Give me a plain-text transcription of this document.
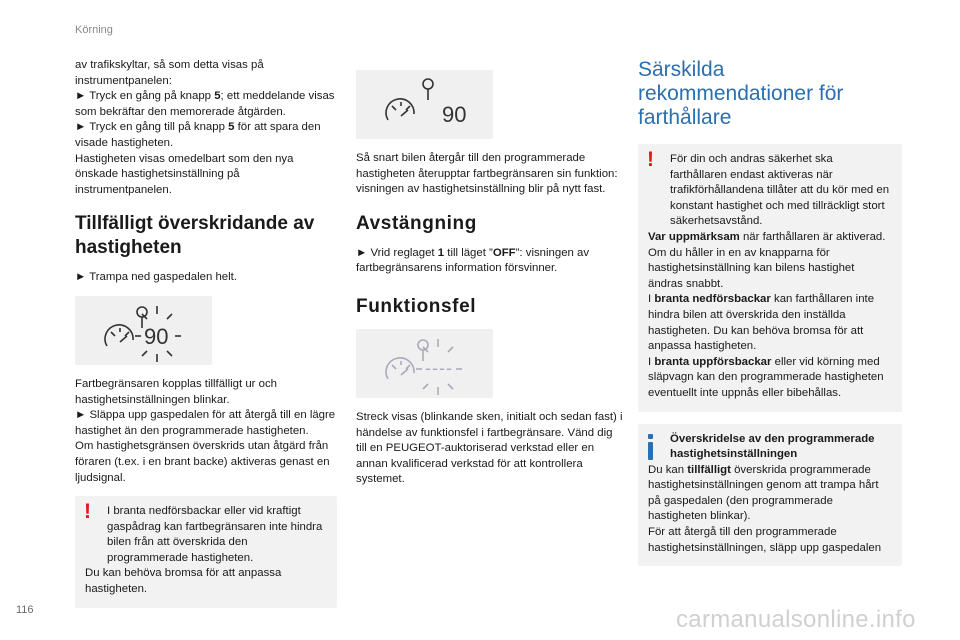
Körning

av trafikskyltar, så som detta visas på
instrumentpanelen:

► Tryck en gång på knapp 5; ett meddelande visas som bekräftar den memorerade åtgärden.

► Tryck en gång till på knapp 5 för att spara den visade hastigheten.

Hastigheten visas omedelbart som den nya önskade hastighetsinställning på instrumentpanelen.

Tillfälligt överskridande av hastigheten

► Trampa ned gaspedalen helt.

90

Fartbegränsaren kopplas tillfälligt ur och hastighetsinställningen blinkar.

► Släppa upp gaspedalen för att återgå till en lägre hastighet än den programmerade hastigheten.

Om hastighetsgränsen överskrids utan åtgärd från föraren (t.ex. i en brant backe) aktiveras genast en ljudsignal.

!	I branta nedförsbackar eller vid kraftigt gaspådrag kan fartbegränsaren inte hindra bilen från att överskrida den programmerade hastigheten.

Du kan behöva bromsa för att anpassa hastigheten.

90

Så snart bilen återgår till den programmerade hastigheten återupptar fartbegränsaren sin funktion: visningen av hastighetsinställning blir på nytt fast.

Avstängning

► Vrid reglaget 1 till läget ”OFF”: visningen av fartbegränsarens information försvinner.

Funktionsfel
----

Streck visas (blinkande sken, initialt och sedan fast) i händelse av funktionsfel i fartbegränsare. Vänd dig till en PEUGEOT-auktoriserad verkstad eller en annan kvalificerad verkstad för att kontrollera systemet.

Särskilda rekommendationer för farthållare
!	För din och andras säkerhet ska farthållaren endast aktiveras när trafikförhållandena tillåter att du kör med en konstant hastighet och med tillräckligt stort säkerhetsavstånd.

Var uppmärksam när farthållaren är aktiverad. Om du håller in en av knapparna för hastighetsinställning kan bilens hastighet ändras snabbt.

I branta nedförsbackar kan farthållaren inte hindra bilen att överskrida den inställda hastigheten. Du kan behöva bromsa för att anpassa hastigheten.

I branta uppförsbackar eller vid körning med släpvagn kan den programmerade hastigheten eventuellt inte uppnås eller bibehållas.

Överskridelse av den programmerade hastighetsinställningen

Du kan tillfälligt överskrida programmerade hastighetsinställningen genom att trampa hårt på gaspedalen (den programmerade hastigheten blinkar).

För att återgå till den programmerade hastighetsinställningen, släpp upp gaspedalen

116	carmanualsonline.info
